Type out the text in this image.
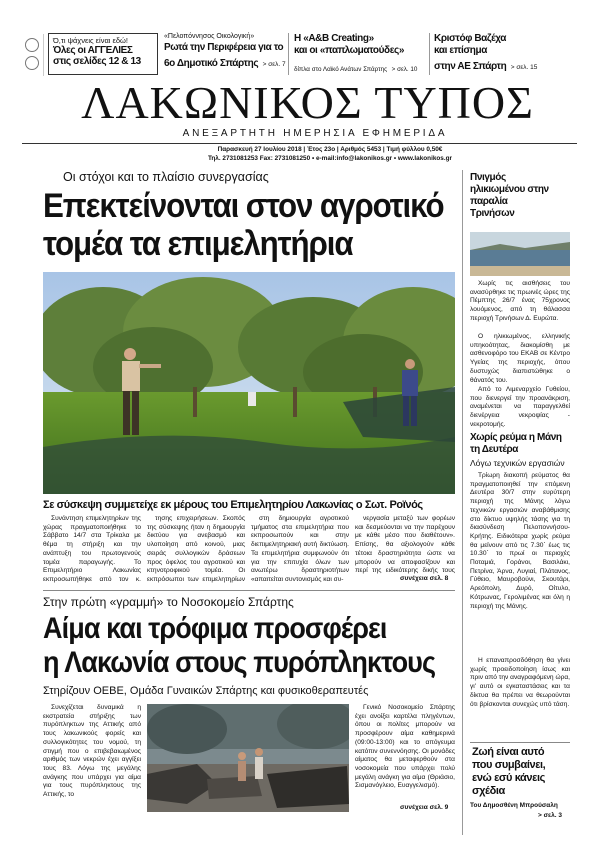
Ό,τι ψάχνεις είναι εδώ!
Όλες οι ΑΓΓΕΛΙΕΣ
στις σελίδες 12 & 13
«Πελοπόννησος Οικολογική»
Ρωτά την Περιφέρεια για το
6ο Δημοτικό Σπάρτης > σελ. 7
Η «Α&Β Creating»
και οι «παπλωματούδες»
δίπλα στο Λαϊκό Ανάτων Σπάρτης > σελ. 10
Κριστόφ Βαζέχα
και επίσημα
στην ΑΕ Σπάρτη > σελ. 15
ΛΑΚΩΝΙΚΟΣ ΤΥΠΟΣ
ΑΝΕΞΑΡΤΗΤΗ ΗΜΕΡΗΣΙΑ ΕΦΗΜΕΡΙΔΑ
Παρασκευή 27 Ιουλίου 2018 | Έτος 23ο | Αριθμός 5453 | Τιμή φύλλου 0,50€
Τηλ. 2731081253 Fax: 2731081250 • e-mail:info@lakonikos.gr • www.lakonikos.gr
Οι στόχοι και το πλαίσιο συνεργασίας
Επεκτείνονται στον αγροτικό
τομέα τα επιμελητήρια
Σε σύσκεψη συμμετείχε εκ μέρους του Επιμελητηρίου Λακωνίας ο Σωτ. Ροϊνός
Συνάντηση επιμελητηρίων της χώρας πραγματοποιήθηκε το Σάββατο 14/7 στα Τρίκαλα με θέμα τη στήριξη και την ανάπτυξη του πρωτογενούς τομέα παραγωγής. Το Επιμελητήριο Λακωνίας εκπροσωπήθηκε από τον κ.
τησης επιχειρήσεων. Σκοπός της σύσκεψης ήταν η δημιουργία δικτύου για ανεβασμό και υλοποίηση από κοινού, μιας σειράς συλλογικών δράσεων προς όφελος του αγροτικού και κτηνοτροφικού τομέα. Οι εκπρόσωποι των επιμελητηρίων
στη δημιουργία αγροτικού τμήματος στα επιμελητήρια που εκπροσωπούν και στην διεπιμελητηριακή αυτή δικτύωση. Τα επιμελητήρια συμφωνούν ότι για την επιτυχία όλων των ανωτέρω δραστηριοτήτων «απαιτείται συντονισμός και συ-
νεργασία μεταξύ των φορέων και δεσμεύονται να την παρέχουν με κάθε μέσο που διαθέτουν». Επίσης, θα αξιολογούν κάθε τέτοια δραστηριότητα ώστε να μπορούν να αποφασίζουν και περί της ειδικότερης δικής τους
συνέχεια σελ. 8
Στην πρώτη «γραμμή» το Νοσοκομείο Σπάρτης
Αίμα και τρόφιμα προσφέρει
η Λακωνία στους πυρόπληκτους
Στηρίζουν ΟΕΒΕ, Ομάδα Γυναικών Σπάρτης και φυσικοθεραπευτές
Συνεχίζεται δυναμικά η εκστρατεία στήριξης των πυρόπληκτων της Αττικής από τους λακωνικούς φορείς και συλλογικότητες του νομού, τη στιγμή που ο επιβεβαιωμένος αριθμός των νεκρών έχει αγγίξει τους 83. Λόγω της μεγάλης ανάγκης που υπάρχει για αίμα για τους πυρόπληκτους της Αττικής, το
Γενικό Νοσοκομείο Σπάρτης έχει ανοίξει καρτέλα πληγέντων, όπου οι πολίτες μπορούν να προσφέρουν αίμα καθημερινά (09:00-13:00) και το απόγευμα κατόπιν συνεννόησης. Οι μονάδες αίματος θα μεταφερθούν στα νοσοκομεία που υπάρχει πολύ μεγάλη ανάγκη για αίμα (Θριάσιο, Σισμανόγλειο, Ευαγγελισμό).
συνέχεια σελ. 9
Πνιγμός ηλικιωμένου στην παραλία Τρινήσων
Χωρίς τις αισθήσεις του ανασύρθηκε τις πρωινές ώρες της Πέμπτης 26/7 ένας 75χρονος λουόμενος, από τη θάλασσα περιοχή Τρινήσων Δ. Ευρώτα.
Ο ηλικιωμένος, ελληνικής υπηκοότητας, διακομίσθη με ασθενοφόρο του ΕΚΑΒ σε Κέντρο Υγείας της περιοχής, όπου δυστυχώς διαπιστώθηκε ο θάνατός του.
Από το Λιμεναρχείο Γυθείου, που διενεργεί την προανάκριση, αναμένεται να παραγγελθεί διενέργεια νεκροψίας - νεκροτομής.
Χωρίς ρεύμα η Μάνη τη Δευτέρα
Λόγω τεχνικών εργασιών
Τρίωρη διακοπή ρεύματος θα πραγματοποιηθεί την επόμενη Δευτέρα 30/7 στην ευρύτερη περιοχή της Μάνης λόγω τεχνικών εργασιών αναβάθμισης στο δίκτυο υψηλής τάσης για τη διασύνδεση Πελοποννήσου-Κρήτης. Ειδικότερα χωρίς ρεύμα θα μείνουν από τις 7.30΄ έως τις 10.30΄ το πρωί οι περιοχές Ποταμιά, Γοράνοι, Βασιλάκι, Πετρίνα, Άρνα, Λυγιαί, Πλάτανος, Γύθειο, Μαυροβούνι, Σκουτάρι, Αρεόπολη, Δυρό, Οίτυλο, Κότρωνας, Γερολιμένας και όλη η περιοχή της Μάνης.
Η επαναπροσδόθηση θα γίνει χωρίς προειδοποίηση ίσως και πριν από την αναγραφόμενη ώρα, γι' αυτό οι εγκαταστάσεις και τα δίκτυα θα πρέπει να θεωρούνται ότι βρίσκονται συνεχώς υπό τάση.
Ζωή είναι αυτό
που συμβαίνει,
ενώ εσύ κάνεις
σχέδια
Του Δημοσθένη Μπρούσαλη
> σελ. 3
